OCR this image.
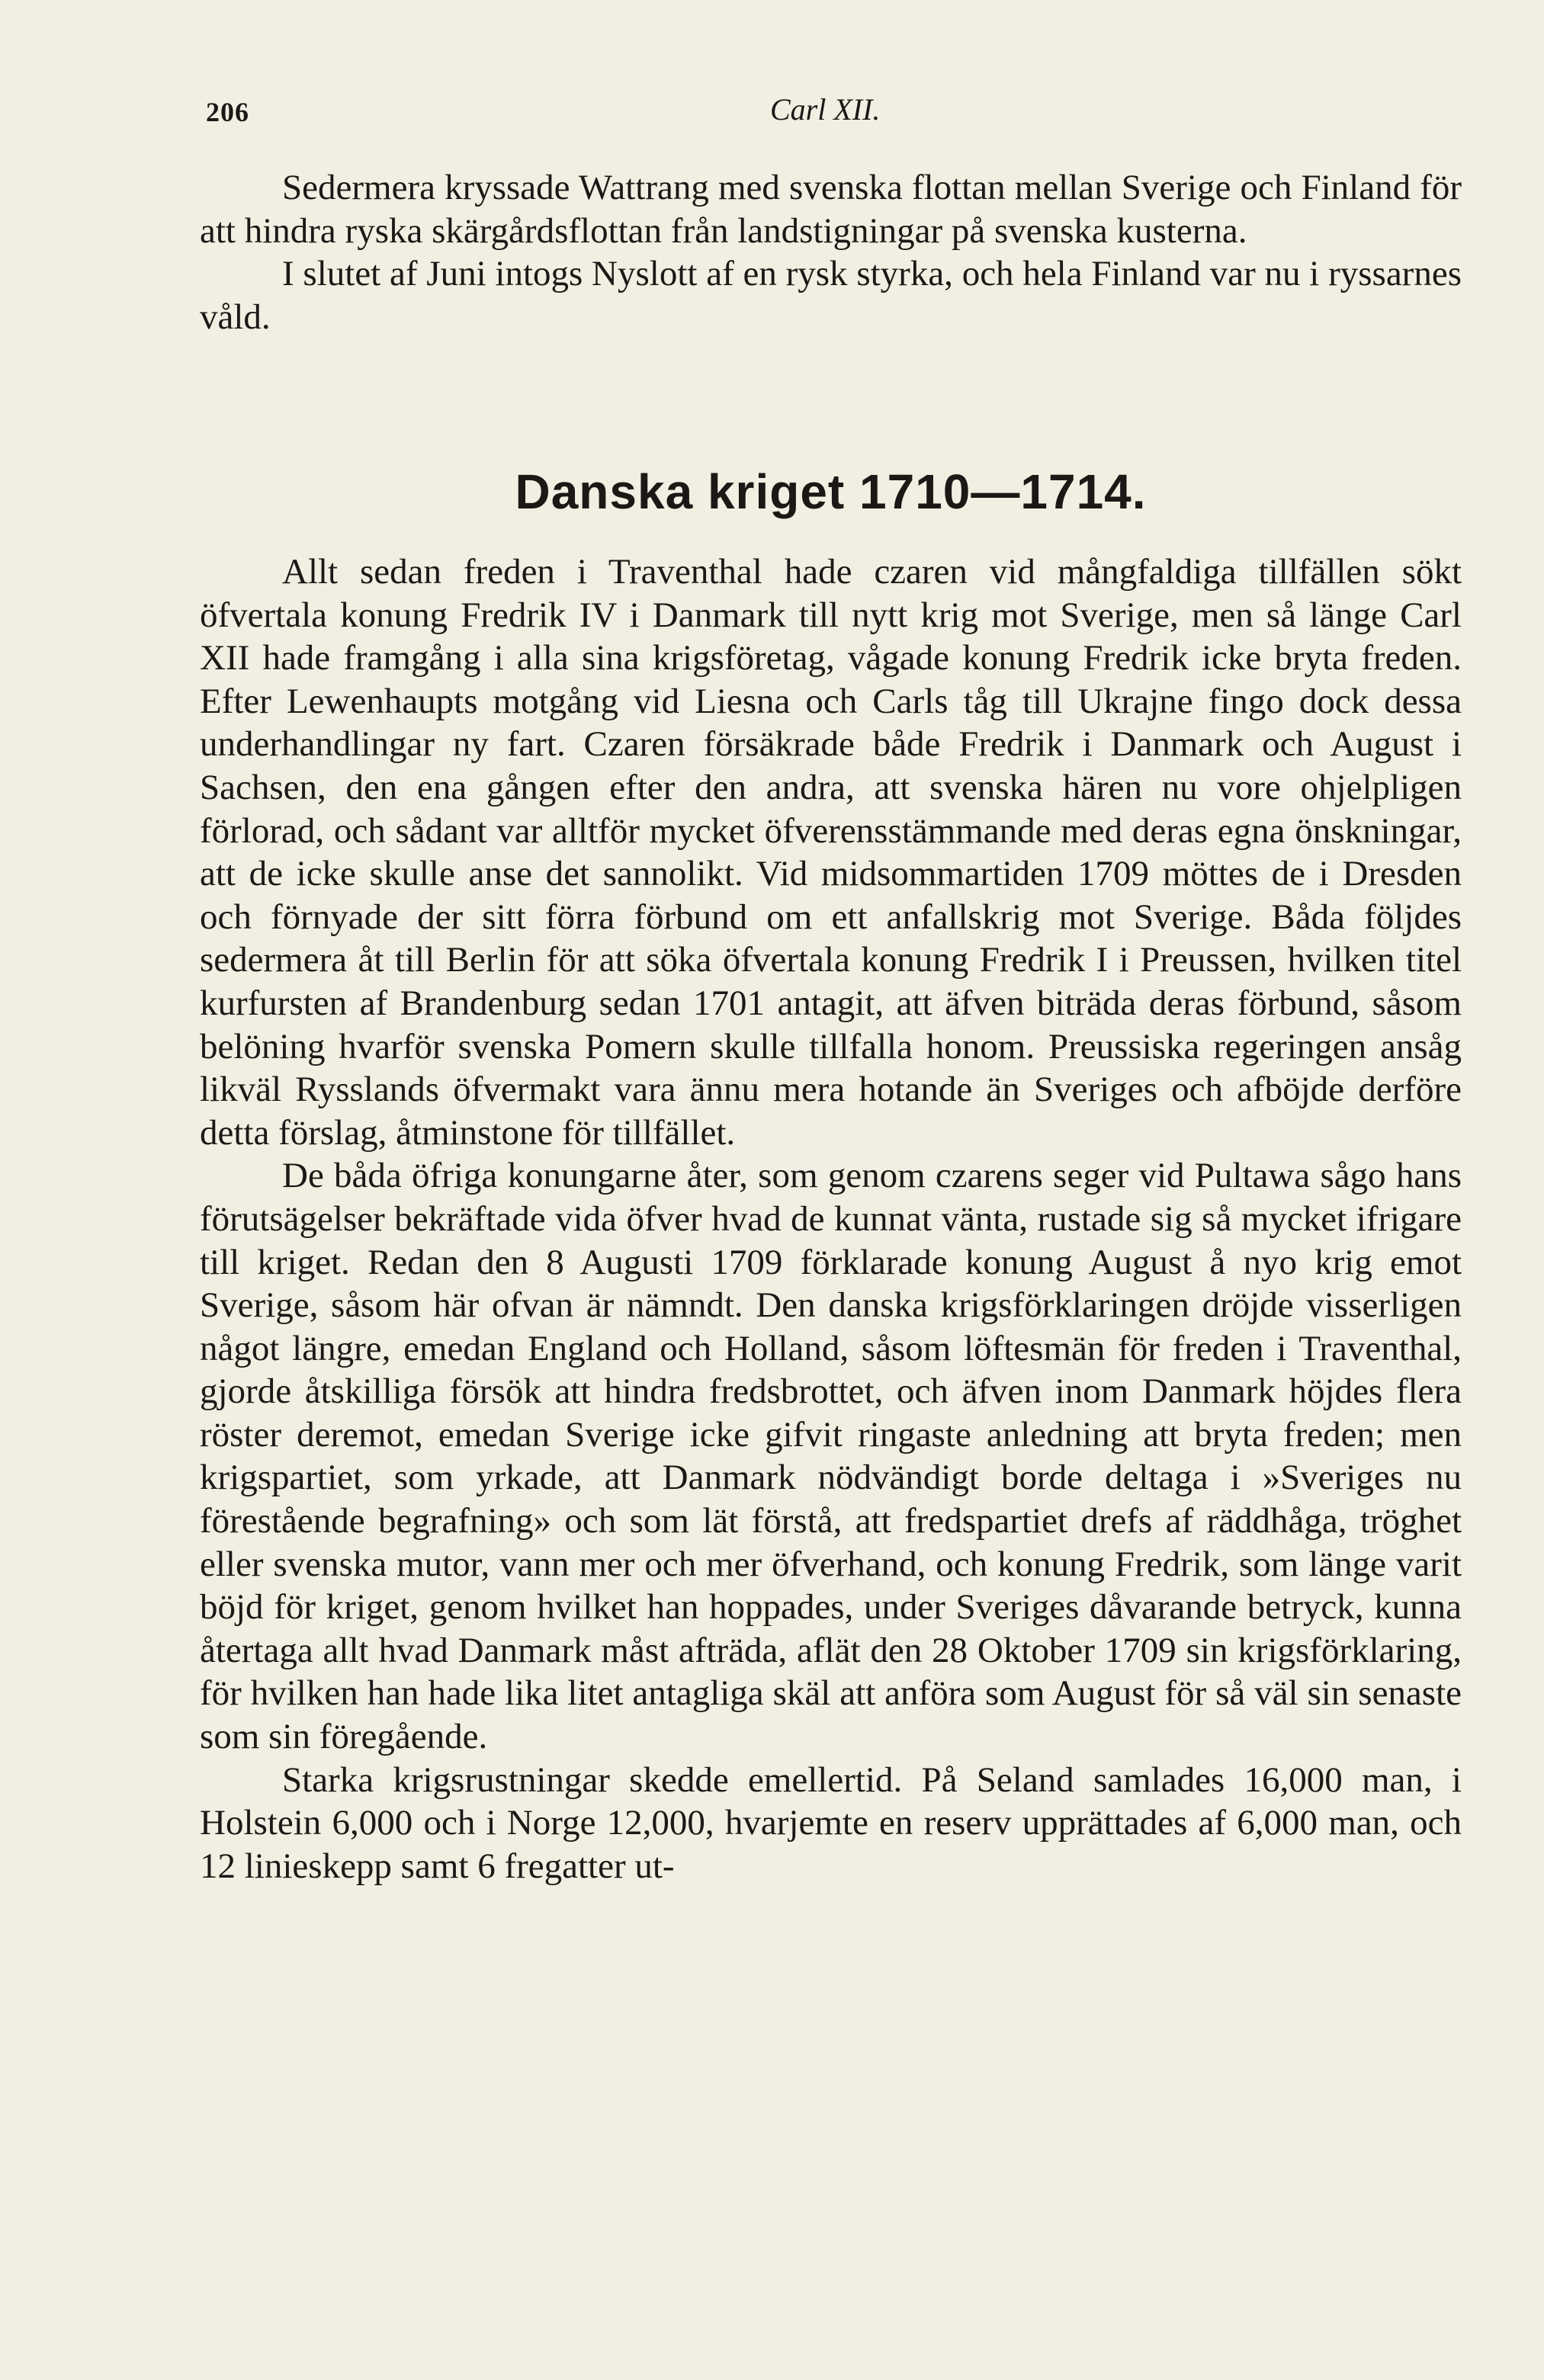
206	Carl XII.

Sedermera kryssade Wattrang med svenska flottan mellan Sverige och Finland för att hindra ryska skärgårdsflottan från landstigningar på svenska kusterna.

I slutet af Juni intogs Nyslott af en rysk styrka, och hela Finland var nu i ryssarnes våld.

Danska kriget 1710—1714.

Allt sedan freden i Traventhal hade czaren vid mångfaldiga tillfällen sökt öfvertala konung Fredrik IV i Danmark till nytt krig mot Sverige, men så länge Carl XII hade framgång i alla sina krigsföretag, vågade konung Fredrik icke bryta freden. Efter Lewenhaupts motgång vid Liesna och Carls tåg till Ukrajne fingo dock dessa underhandlingar ny fart. Czaren försäkrade både Fredrik i Danmark och August i Sachsen, den ena gången efter den andra, att svenska hären nu vore ohjelpligen förlorad, och sådant var alltför mycket öfverensstämmande med deras egna önskningar, att de icke skulle anse det sannolikt. Vid midsommartiden 1709 möttes de i Dresden och förnyade der sitt förra förbund om ett anfallskrig mot Sverige. Båda följdes sedermera åt till Berlin för att söka öfvertala konung Fredrik I i Preussen, hvilken titel kurfursten af Brandenburg sedan 1701 antagit, att äfven biträda deras förbund, såsom belöning hvarför svenska Pomern skulle tillfalla honom. Preussiska regeringen ansåg likväl Rysslands öfvermakt vara ännu mera hotande än Sveriges och afböjde derföre detta förslag, åtminstone för tillfället.

De båda öfriga konungarne åter, som genom czarens seger vid Pultawa sågo hans förutsägelser bekräftade vida öfver hvad de kunnat vänta, rustade sig så mycket ifrigare till kriget. Redan den 8 Augusti 1709 förklarade konung August å nyo krig emot Sverige, såsom här ofvan är nämndt. Den danska krigsförklaringen dröjde visserligen något längre, emedan England och Holland, såsom löftesmän för freden i Traventhal, gjorde åtskilliga försök att hindra fredsbrottet, och äfven inom Danmark höjdes flera röster deremot, emedan Sverige icke gifvit ringaste anledning att bryta freden; men krigspartiet, som yrkade, att Danmark nödvändigt borde deltaga i »Sveriges nu förestående begrafning» och som lät förstå, att fredspartiet drefs af räddhåga, tröghet eller svenska mutor, vann mer och mer öfverhand, och konung Fredrik, som länge varit böjd för kriget, genom hvilket han hoppades, under Sveriges dåvarande betryck, kunna återtaga allt hvad Danmark måst afträda, aflät den 28 Oktober 1709 sin krigsförklaring, för hvilken han hade lika litet antagliga skäl att anföra som August för så väl sin senaste som sin föregående.

Starka krigsrustningar skedde emellertid. På Seland samlades 16,000 man, i Holstein 6,000 och i Norge 12,000, hvarjemte en reserv upprättades af 6,000 man, och 12 linieskepp samt 6 fregatter ut-
